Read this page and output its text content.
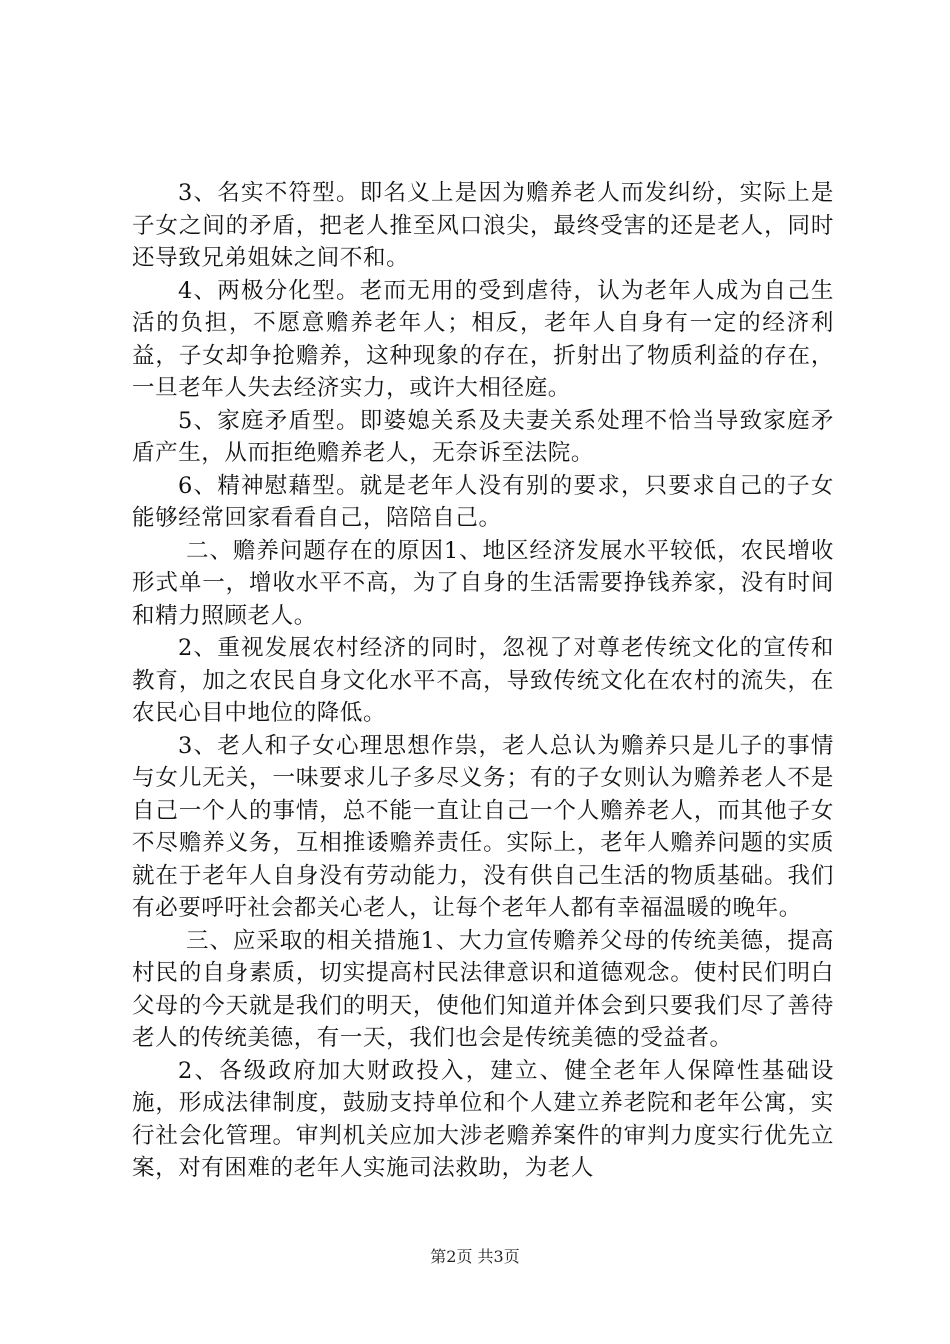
3、名实不符型。即名义上是因为赡养老人而发纠纷，实际上是子女之间的矛盾，把老人推至风口浪尖，最终受害的还是老人，同时还导致兄弟姐妹之间不和。

4、两极分化型。老而无用的受到虐待，认为老年人成为自己生活的负担，不愿意赡养老年人；相反，老年人自身有一定的经济利益，子女却争抢赡养，这种现象的存在，折射出了物质利益的存在，一旦老年人失去经济实力，或许大相径庭。

5、家庭矛盾型。即婆媳关系及夫妻关系处理不恰当导致家庭矛盾产生，从而拒绝赡养老人，无奈诉至法院。

6、精神慰藉型。就是老年人没有别的要求，只要求自己的子女能够经常回家看看自己，陪陪自己。

二、赡养问题存在的原因1、地区经济发展水平较低，农民增收形式单一，增收水平不高，为了自身的生活需要挣钱养家，没有时间和精力照顾老人。

2、重视发展农村经济的同时，忽视了对尊老传统文化的宣传和教育，加之农民自身文化水平不高，导致传统文化在农村的流失，在农民心目中地位的降低。

3、老人和子女心理思想作祟，老人总认为赡养只是儿子的事情与女儿无关，一味要求儿子多尽义务；有的子女则认为赡养老人不是自己一个人的事情，总不能一直让自己一个人赡养老人，而其他子女不尽赡养义务，互相推诿赡养责任。实际上，老年人赡养问题的实质就在于老年人自身没有劳动能力，没有供自己生活的物质基础。我们有必要呼吁社会都关心老人，让每个老年人都有幸福温暖的晚年。

三、应采取的相关措施1、大力宣传赡养父母的传统美德，提高村民的自身素质，切实提高村民法律意识和道德观念。使村民们明白父母的今天就是我们的明天，使他们知道并体会到只要我们尽了善待老人的传统美德，有一天，我们也会是传统美德的受益者。

2、各级政府加大财政投入，建立、健全老年人保障性基础设施，形成法律制度，鼓励支持单位和个人建立养老院和老年公寓，实行社会化管理。审判机关应加大涉老赡养案件的审判力度实行优先立案，对有困难的老年人实施司法救助，为老人

第2页 共3页
